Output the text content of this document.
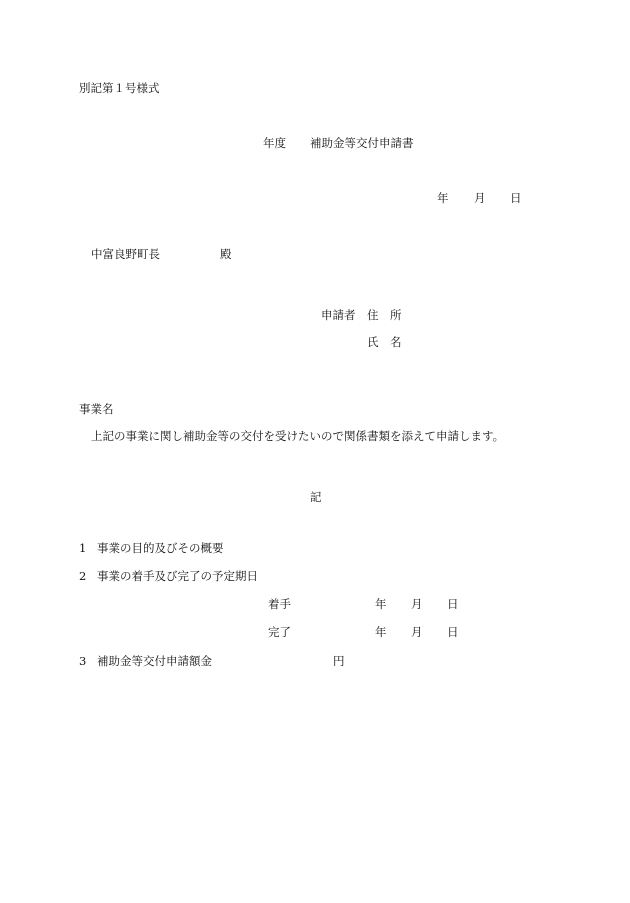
別記第１号様式
年度 補助金等交付申請書
年 月 日
中富良野町長	殿
申請者 住　所
氏　名
事業名
上記の事業に関し補助金等の交付を受けたいので関係書類を添えて申請します。
記
1 事業の目的及びその概要
2 事業の着手及び完了の予定期日
着手	年 月 日
完了	年 月 日
3 補助金等交付申請額金	円
